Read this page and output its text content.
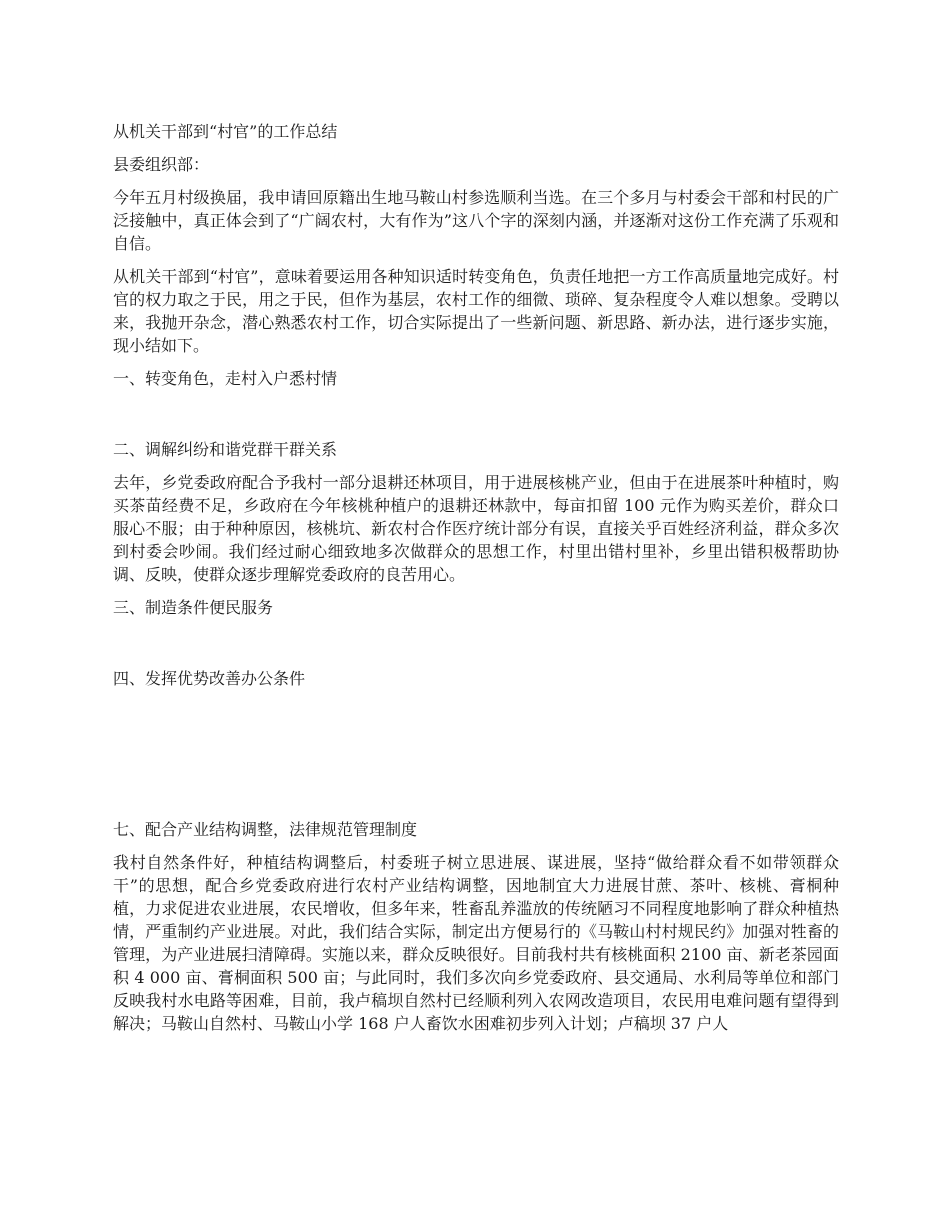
从机关干部到“村官”的工作总结

县委组织部：

今年五月村级换届，我申请回原籍出生地马鞍山村参选顺利当选。在三个多月与村委会干部和村民的广泛接触中，真正体会到了“广阔农村，大有作为”这八个字的深刻内涵，并逐渐对这份工作充满了乐观和自信。

从机关干部到“村官”，意味着要运用各种知识适时转变角色，负责任地把一方工作高质量地完成好。村官的权力取之于民，用之于民，但作为基层，农村工作的细微、琐碎、复杂程度令人难以想象。受聘以来，我抛开杂念，潜心熟悉农村工作，切合实际提出了一些新问题、新思路、新办法，进行逐步实施，现小结如下。

一、转变角色，走村入户悉村情

二、调解纠纷和谐党群干群关系

去年，乡党委政府配合予我村一部分退耕还林项目，用于进展核桃产业，但由于在进展茶叶种植时，购买茶苗经费不足，乡政府在今年核桃种植户的退耕还林款中，每亩扣留 100 元作为购买差价，群众口服心不服；由于种种原因，核桃坑、新农村合作医疗统计部分有误，直接关乎百姓经济利益，群众多次到村委会吵闹。我们经过耐心细致地多次做群众的思想工作，村里出错村里补，乡里出错积极帮助协调、反映，使群众逐步理解党委政府的良苦用心。

三、制造条件便民服务

四、发挥优势改善办公条件

七、配合产业结构调整，法律规范管理制度

我村自然条件好，种植结构调整后，村委班子树立思进展、谋进展，坚持“做给群众看不如带领群众干”的思想，配合乡党委政府进行农村产业结构调整，因地制宜大力进展甘蔗、茶叶、核桃、膏桐种植，力求促进农业进展，农民增收，但多年来，牲畜乱养滥放的传统陋习不同程度地影响了群众种植热情，严重制约产业进展。对此，我们结合实际，制定出方便易行的《马鞍山村村规民约》加强对牲畜的管理，为产业进展扫清障碍。实施以来，群众反映很好。目前我村共有核桃面积 2100 亩、新老茶园面积 4 000 亩、膏桐面积 500 亩；与此同时，我们多次向乡党委政府、县交通局、水利局等单位和部门反映我村水电路等困难，目前，我卢稿坝自然村已经顺利列入农网改造项目，农民用电难问题有望得到解决；马鞍山自然村、马鞍山小学 168 户人畜饮水困难初步列入计划；卢稿坝 37 户人
